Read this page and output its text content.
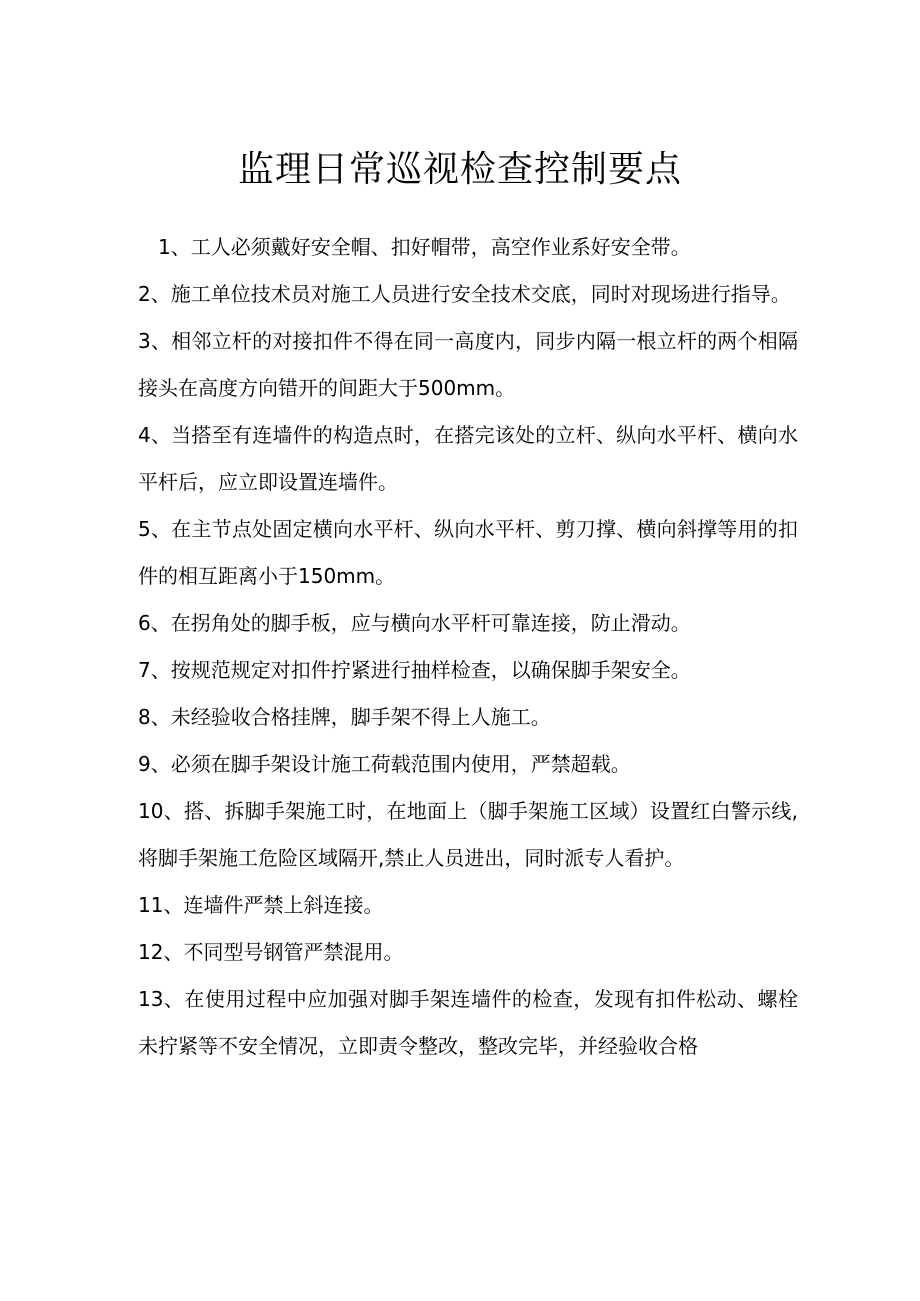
监理日常巡视检查控制要点

1、工人必须戴好安全帽、扣好帽带，高空作业系好安全带。

2、施工单位技术员对施工人员进行安全技术交底，同时对现场进行指导。

3、相邻立杆的对接扣件不得在同一高度内，同步内隔一根立杆的两个相隔接头在高度方向错开的间距大于500mm。

4、当搭至有连墙件的构造点时，在搭完该处的立杆、纵向水平杆、横向水平杆后，应立即设置连墙件。

5、在主节点处固定横向水平杆、纵向水平杆、剪刀撑、横向斜撑等用的扣件的相互距离小于150mm。

6、在拐角处的脚手板，应与横向水平杆可靠连接，防止滑动。

7、按规范规定对扣件拧紧进行抽样检查，以确保脚手架安全。

8、未经验收合格挂牌，脚手架不得上人施工。

9、必须在脚手架设计施工荷载范围内使用，严禁超载。

10、搭、拆脚手架施工时，在地面上（脚手架施工区域）设置红白警示线,将脚手架施工危险区域隔开,禁止人员进出，同时派专人看护。

11、连墙件严禁上斜连接。

12、不同型号钢管严禁混用。

13、在使用过程中应加强对脚手架连墙件的检查，发现有扣件松动、螺栓未拧紧等不安全情况，立即责令整改，整改完毕，并经验收合格
